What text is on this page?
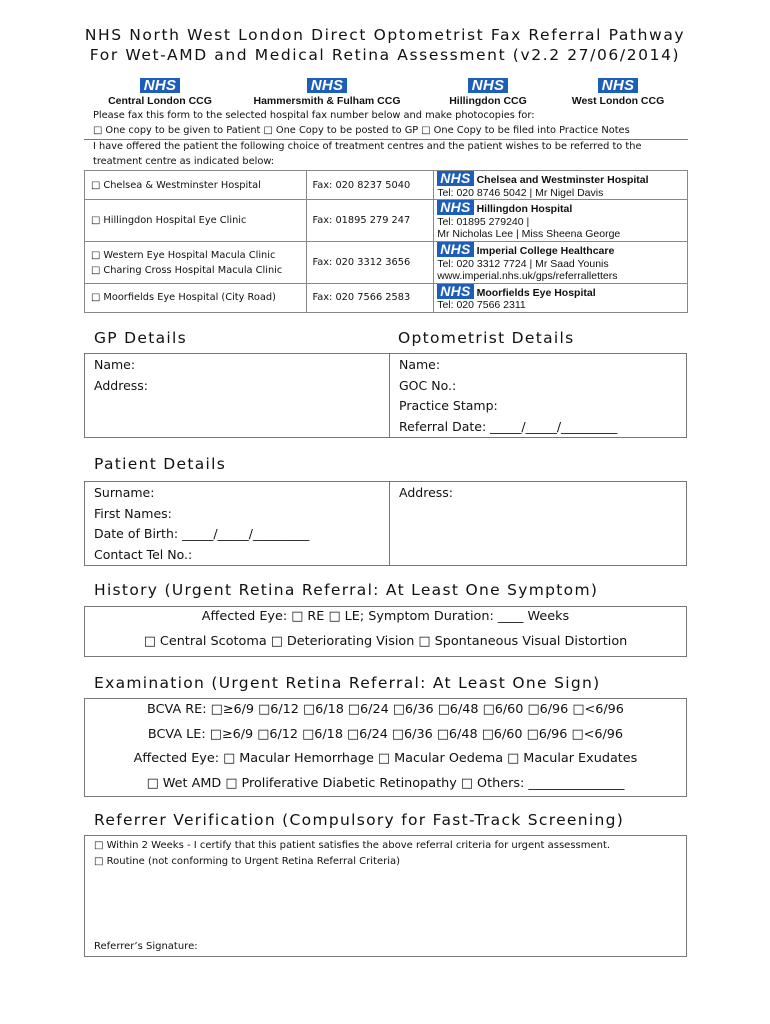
NHS North West London Direct Optometrist Fax Referral Pathway
For Wet-AMD and Medical Retina Assessment (v2.2 27/06/2014)
NHS
Central London CCG
NHS
Hammersmith & Fulham CCG
NHS
Hillingdon CCG
NHS
West London CCG
Please fax this form to the selected hospital fax number below and make photocopies for:
□ One copy to be given to Patient □ One Copy to be posted to GP □ One Copy to be filed into Practice Notes
I have offered the patient the following choice of treatment centres and the patient wishes to be referred to the
treatment centre as indicated below:
□ Chelsea & Westminster Hospital	Fax: 020 8237 5040	NHS Chelsea and Westminster Hospital
Tel: 020 8746 5042 | Mr Nigel Davis
□ Hillingdon Hospital Eye Clinic	Fax: 01895 279 247	NHS Hillingdon Hospital
Tel: 01895 279240 |
Mr Nicholas Lee | Miss Sheena George
□ Western Eye Hospital Macula Clinic
□ Charing Cross Hospital Macula Clinic	Fax: 020 3312 3656	NHS Imperial College Healthcare
Tel: 020 3312 7724 | Mr Saad Younis
www.imperial.nhs.uk/gps/referralletters
□ Moorfields Eye Hospital (City Road)	Fax: 020 7566 2583	NHS Moorfields Eye Hospital
Tel: 020 7566 2311
GP Details	Optometrist Details
Name:
Address:
Name:
GOC No.:
Practice Stamp:
Referral Date: _____/_____/_________
Patient Details
Surname:
First Names:
Date of Birth: _____/_____/_________
Contact Tel No.:
Address:
History (Urgent Retina Referral: At Least One Symptom)
Affected Eye: □ RE □ LE; Symptom Duration: ____ Weeks
□ Central Scotoma □ Deteriorating Vision □ Spontaneous Visual Distortion
Examination (Urgent Retina Referral: At Least One Sign)
BCVA RE: □≥6/9 □6/12 □6/18 □6/24 □6/36 □6/48 □6/60 □6/96 □<6/96
BCVA LE: □≥6/9 □6/12 □6/18 □6/24 □6/36 □6/48 □6/60 □6/96 □<6/96
Affected Eye: □ Macular Hemorrhage □ Macular Oedema □ Macular Exudates
□ Wet AMD □ Proliferative Diabetic Retinopathy □ Others: _______________
Referrer Verification (Compulsory for Fast-Track Screening)
□ Within 2 Weeks - I certify that this patient satisfies the above referral criteria for urgent assessment.
□ Routine (not conforming to Urgent Retina Referral Criteria)
Referrer’s Signature:
